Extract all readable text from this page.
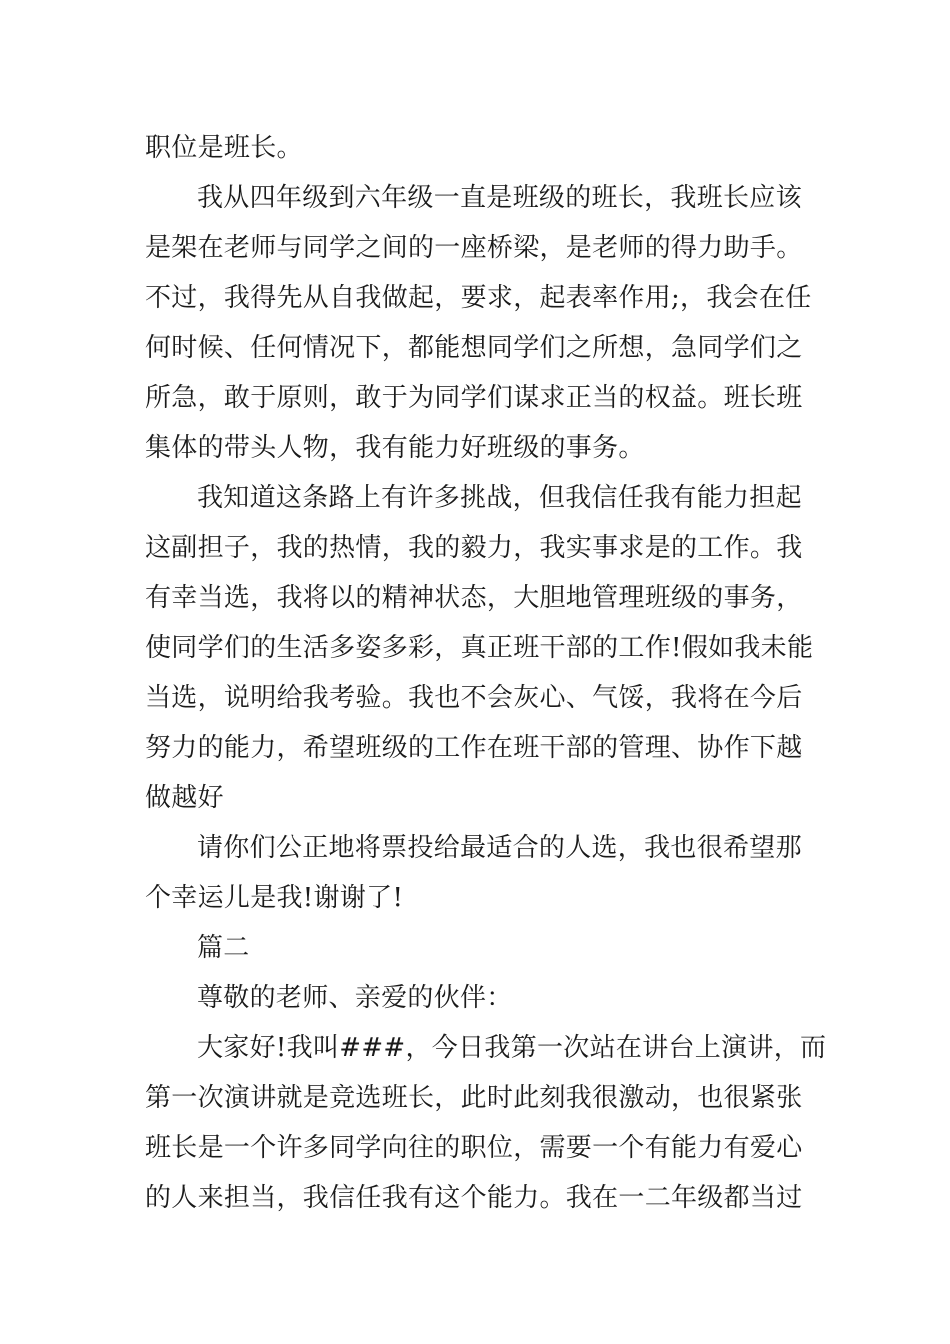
职位是班长。

我从四年级到六年级一直是班级的班长，我班长应该

是架在老师与同学之间的一座桥梁，是老师的得力助手。

不过，我得先从自我做起，要求，起表率作用;，我会在任

何时候、任何情况下，都能想同学们之所想，急同学们之

所急，敢于原则，敢于为同学们谋求正当的权益。班长班

集体的带头人物，我有能力好班级的事务。

我知道这条路上有许多挑战，但我信任我有能力担起

这副担子，我的热情，我的毅力，我实事求是的工作。我

有幸当选，我将以的精神状态，大胆地管理班级的事务，

使同学们的生活多姿多彩，真正班干部的工作!假如我未能

当选，说明给我考验。我也不会灰心、气馁，我将在今后

努力的能力，希望班级的工作在班干部的管理、协作下越

做越好

请你们公正地将票投给最适合的人选，我也很希望那

个幸运儿是我!谢谢了!

篇二

尊敬的老师、亲爱的伙伴：

大家好!我叫###，今日我第一次站在讲台上演讲，而

第一次演讲就是竞选班长，此时此刻我很激动，也很紧张

班长是一个许多同学向往的职位，需要一个有能力有爱心

的人来担当，我信任我有这个能力。我在一二年级都当过
